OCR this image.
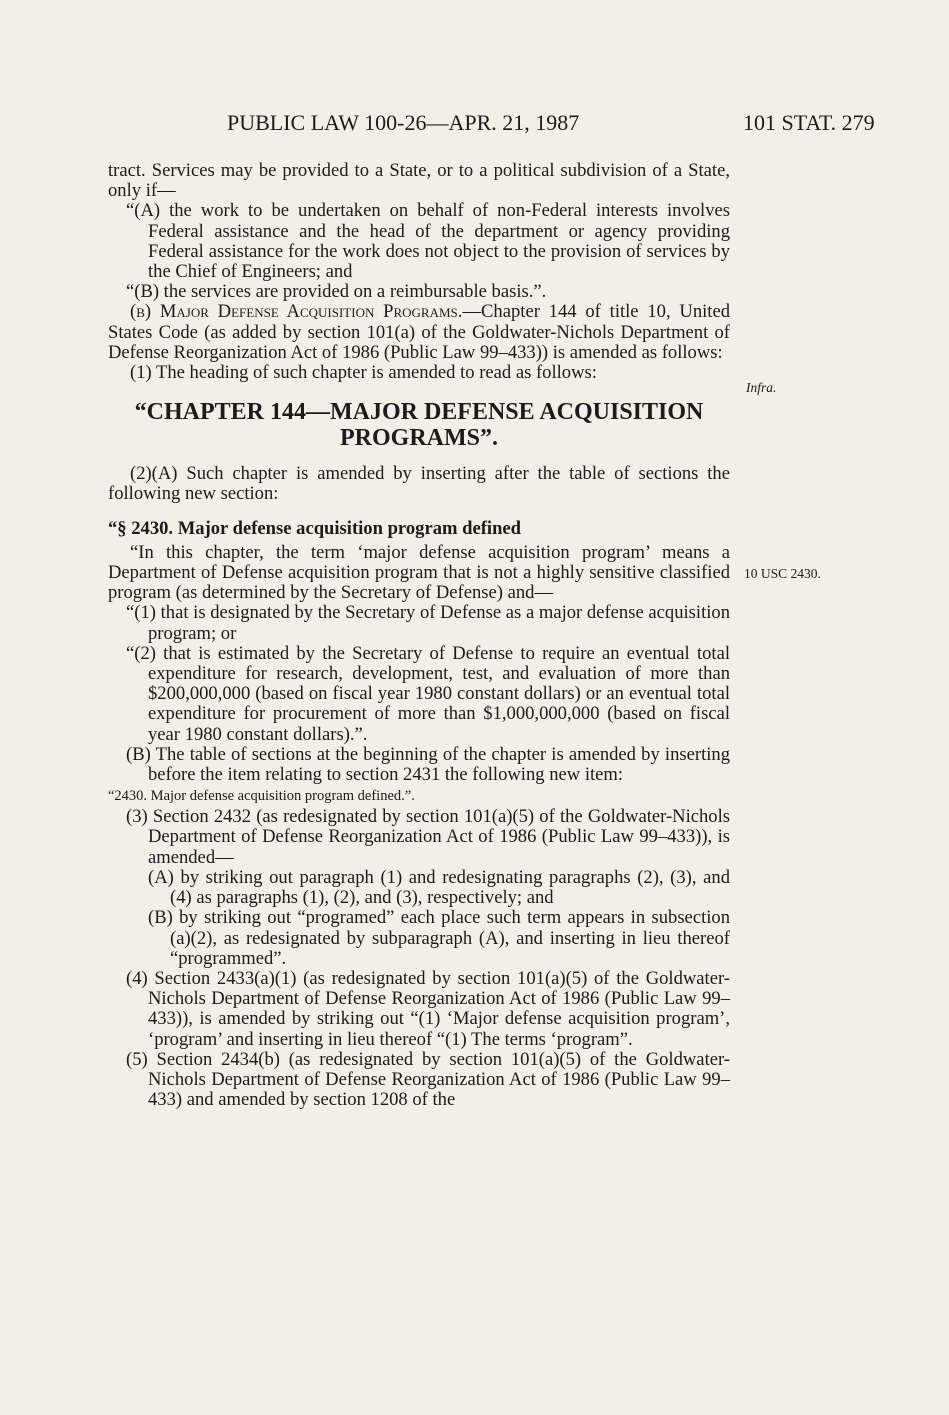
PUBLIC LAW 100-26—APR. 21, 1987	101 STAT. 279
Infra.
10 USC 2430.

tract. Services may be provided to a State, or to a political subdivision of a State, only if—

“(A) the work to be undertaken on behalf of non-Federal interests involves Federal assistance and the head of the department or agency providing Federal assistance for the work does not object to the provision of services by the Chief of Engineers; and

“(B) the services are provided on a reimbursable basis.”.

(b) Major Defense Acquisition Programs.—Chapter 144 of title 10, United States Code (as added by section 101(a) of the Goldwater-Nichols Department of Defense Reorganization Act of 1986 (Public Law 99–433)) is amended as follows:

(1) The heading of such chapter is amended to read as follows:

“CHAPTER 144—MAJOR DEFENSE ACQUISITION PROGRAMS”.

(2)(A) Such chapter is amended by inserting after the table of sections the following new section:

“§ 2430. Major defense acquisition program defined

“In this chapter, the term ‘major defense acquisition program’ means a Department of Defense acquisition program that is not a highly sensitive classified program (as determined by the Secretary of Defense) and—

“(1) that is designated by the Secretary of Defense as a major defense acquisition program; or

“(2) that is estimated by the Secretary of Defense to require an eventual total expenditure for research, development, test, and evaluation of more than $200,000,000 (based on fiscal year 1980 constant dollars) or an eventual total expenditure for procurement of more than $1,000,000,000 (based on fiscal year 1980 constant dollars).”.

(B) The table of sections at the beginning of the chapter is amended by inserting before the item relating to section 2431 the following new item:

“2430. Major defense acquisition program defined.”.

(3) Section 2432 (as redesignated by section 101(a)(5) of the Goldwater-Nichols Department of Defense Reorganization Act of 1986 (Public Law 99–433)), is amended—

(A) by striking out paragraph (1) and redesignating paragraphs (2), (3), and (4) as paragraphs (1), (2), and (3), respectively; and

(B) by striking out “programed” each place such term appears in subsection (a)(2), as redesignated by subparagraph (A), and inserting in lieu thereof “programmed”.

(4) Section 2433(a)(1) (as redesignated by section 101(a)(5) of the Goldwater-Nichols Department of Defense Reorganization Act of 1986 (Public Law 99–433)), is amended by striking out “(1) ‘Major defense acquisition program’, ‘program’ and inserting in lieu thereof “(1) The terms ‘program”.

(5) Section 2434(b) (as redesignated by section 101(a)(5) of the Goldwater-Nichols Department of Defense Reorganization Act of 1986 (Public Law 99–433) and amended by section 1208 of the
